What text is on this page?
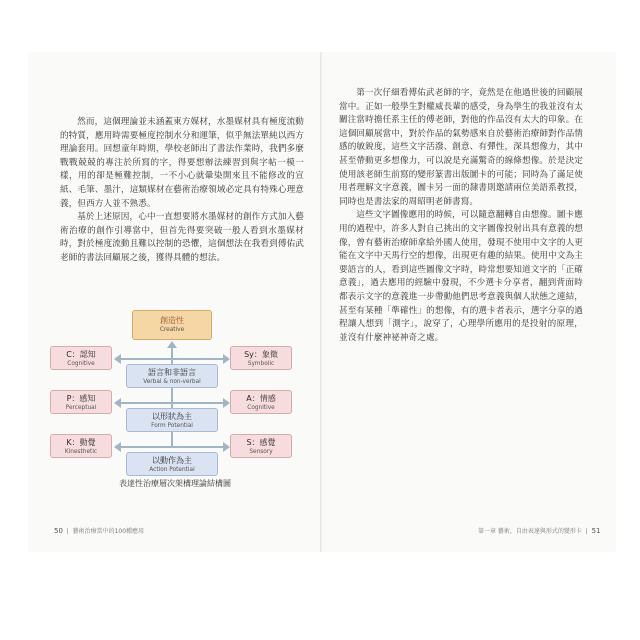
然而，這個理論並未涵蓋東方媒材，水墨媒材具有極度流動的特質，應用時需要極度控制水分和運筆，似乎無法單純以西方理論套用。回想童年時期，學校老師出了書法作業時，我們多麼戰戰兢兢的專注於所寫的字，得要想辦法練習到與字帖一模一樣，用的卻是極難控制，一不小心就暈染開來且不能修改的宣紙、毛筆、墨汁，這類媒材在藝術治療領域必定具有特殊心理意義，但西方人並不熟悉。

基於上述原因，心中一直想要將水墨媒材的創作方式加入藝術治療的創作引導當中，但首先得要突破一般人看到水墨媒材時，對於極度流動且難以控制的恐懼，這個想法在我看到傅佑武老師的書法回顧展之後，獲得具體的想法。

創造性
Creative
C：認知
Cognitive
P：感知
Perceptual
K：動覺
Kinesthetic
Sy：象徵
Symbolic
A：情感
Cognitive
S：感覺
Sensory
語言和非語言
Verbal & non-verbal
以形狀為主
Form Potential
以動作為主
Action Potential
表達性治療層次架構理論結構圖
50  |  藝術治療當中的100種應用

第一次仔細看傅佑武老師的字，竟然是在他過世後的回顧展當中。正如一般學生對權威長輩的感受，身為學生的我並沒有太關注當時擔任系主任的傅老師，對他的作品沒有太大的印象。在這個回顧展當中，對於作品的氣勢感來自於藝術治療師對作品情感的敏銳度，這些文字活潑、創意、有彈性，深具想像力，其中甚至帶動更多想像力，可以說是充滿驚奇的線條想像。於是決定使用該老師生前寫的變形篆書出版圖卡的可能；同時為了滿足使用者理解文字意義，圖卡另一面的隸書則邀請兩位美語系教授，同時也是書法家的周昭明老師書寫。

這些文字圖像應用的時候，可以隨意翻轉自由想像。圖卡應用的過程中，許多人對自己挑出的文字圖像投射出具有意義的想像，曾有藝術治療師拿給外國人使用，發現不使用中文字的人更能在文字中天馬行空的想像，出現更有趣的結果。使用中文為主要語言的人，看到這些圖像文字時，時常想要知道文字的「正確意義」，過去應用的經驗中發現，不少選卡分享者，翻到背面時都表示文字的意義進一步帶動他們思考意義與個人狀態之連結，甚至有某種「準確性」的想像，有的選卡者表示，選字分享的過程讓人想到「測字」，說穿了，心理學所應用的是投射的原理，並沒有什麼神祕神奇之處。

第一章 藝術，自由表達與形式的變形卡  |  51
